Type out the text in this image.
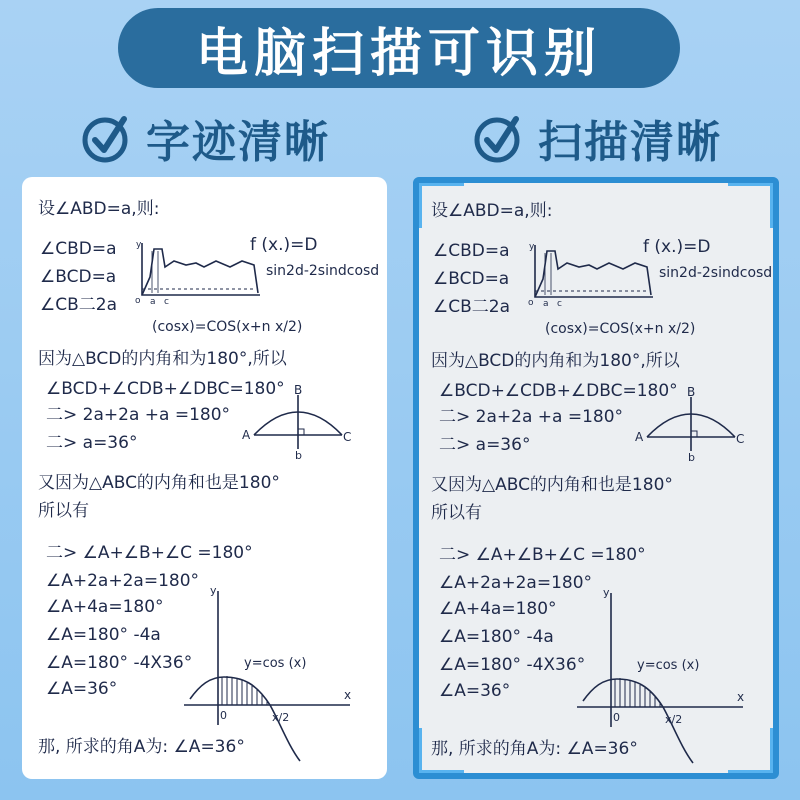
电脑扫描可识别
字迹清晰	扫描清晰
设∠ABD=a,则:
∠CBD=a
∠BCD=a
∠CB二2a
y
o a c
f (x.)=D
sin2d-2sindcosd
(cosx)=COS(x+n x/2)
因为△BCD的内角和为180°,所以
∠BCD+∠CDB+∠DBC=180°
二> 2a+2a +a =180°
二> a=36°
B
A	C
b
又因为△ABC的内角和也是180°
所以有
二> ∠A+∠B+∠C =180°
∠A+2a+2a=180°
∠A+4a=180°
∠A=180° -4a
∠A=180° -4X36°
∠A=36°
y
x
0
y=cos (x)
x/2
那, 所求的角A为: ∠A=36°
设∠ABD=a,则:
∠CBD=a
∠BCD=a
∠CB二2a
y
o a c
f (x.)=D
sin2d-2sindcosd
(cosx)=COS(x+n x/2)
因为△BCD的内角和为180°,所以
∠BCD+∠CDB+∠DBC=180°
二> 2a+2a +a =180°
二> a=36°
B
A	C
b
又因为△ABC的内角和也是180°
所以有
二> ∠A+∠B+∠C =180°
∠A+2a+2a=180°
∠A+4a=180°
∠A=180° -4a
∠A=180° -4X36°
∠A=36°
y
x
0
y=cos (x)
x/2
那, 所求的角A为: ∠A=36°
